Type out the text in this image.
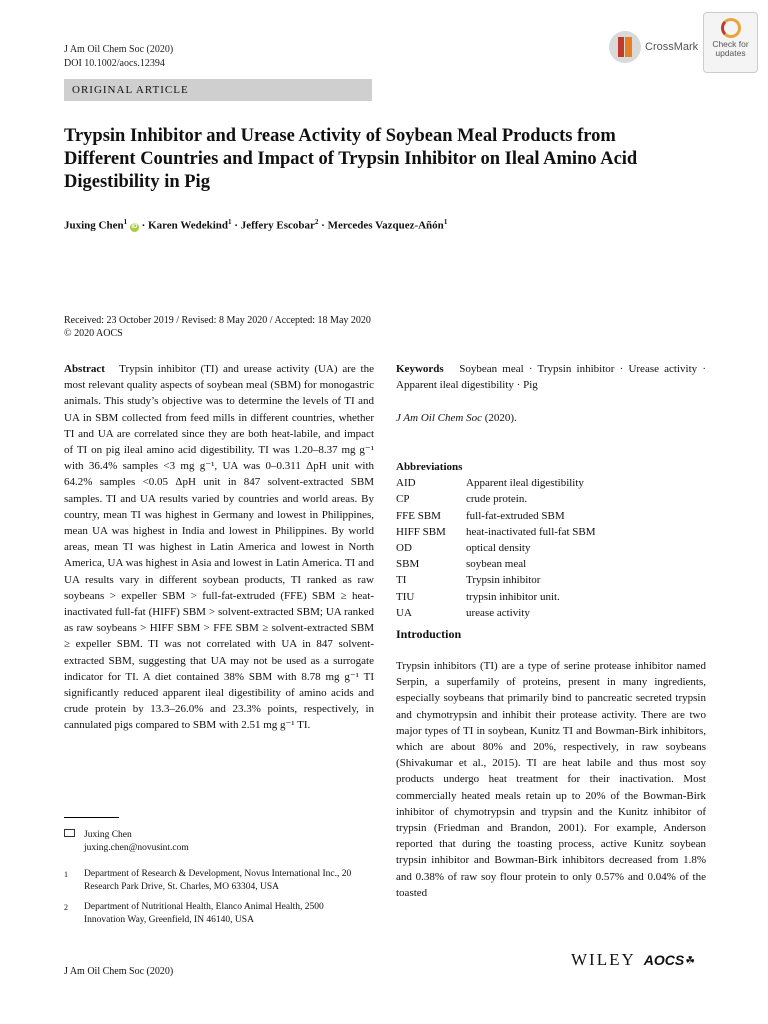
J Am Oil Chem Soc (2020)
DOI 10.1002/aocs.12394
CrossMark	Check for
updates
ORIGINAL ARTICLE
Trypsin Inhibitor and Urease Activity of Soybean Meal Products from Different Countries and Impact of Trypsin Inhibitor on Ileal Amino Acid Digestibility in Pig
Juxing Chen$^1$ iD · Karen Wedekind$^1$ · Jeffery Escobar$^2$ · Mercedes Vazquez-Añón$^1$
Received: 23 October 2019 / Revised: 8 May 2020 / Accepted: 18 May 2020
© 2020 AOCS
Abstract Trypsin inhibitor (TI) and urease activity (UA) are the most relevant quality aspects of soybean meal (SBM) for monogastric animals. This study’s objective was to determine the levels of TI and UA in SBM collected from feed mills in different countries, whether TI and UA are correlated since they are both heat-labile, and impact of TI on pig ileal amino acid digestibility. TI was 1.20–8.37 mg g⁻¹ with 36.4% samples <3 mg g⁻¹, UA was 0–0.311 ΔpH unit with 64.2% samples <0.05 ΔpH unit in 847 solvent-extracted SBM samples. TI and UA results varied by countries and world areas. By country, mean TI was highest in Germany and lowest in Philippines, mean UA was highest in India and lowest in Philippines. By world areas, mean TI was highest in Latin America and lowest in North America, UA was highest in Asia and lowest in Latin America. TI and UA results vary in different soybean products, TI ranked as raw soybeans > expeller SBM > full-fat-extruded (FFE) SBM ≥ heat-inactivated full-fat (HIFF) SBM > solvent-extracted SBM; UA ranked as raw soybeans > HIFF SBM > FFE SBM ≥ solvent-extracted SBM ≥ expeller SBM. TI was not correlated with UA in 847 solvent-extracted SBM, suggesting that UA may not be used as a surrogate indicator for TI. A diet contained 38% SBM with 8.78 mg g⁻¹ TI significantly reduced apparent ileal digestibility of amino acids and crude protein by 13.3–26.0% and 23.3% points, respectively, in cannulated pigs compared to SBM with 2.51 mg g⁻¹ TI.
Juxing Chen
juxing.chen@novusint.com
1	Department of Research & Development, Novus International Inc., 20 Research Park Drive, St. Charles, MO 63304, USA
2	Department of Nutritional Health, Elanco Animal Health, 2500 Innovation Way, Greenfield, IN 46140, USA
Keywords Soybean meal · Trypsin inhibitor · Urease activity · Apparent ileal digestibility · Pig
J Am Oil Chem Soc (2020).
Abbreviations
AID	Apparent ileal digestibility
CP	crude protein.
FFE SBM	full-fat-extruded SBM
HIFF SBM	heat-inactivated full-fat SBM
OD	optical density
SBM	soybean meal
TI	Trypsin inhibitor
TIU	trypsin inhibitor unit.
UA	urease activity
Introduction
Trypsin inhibitors (TI) are a type of serine protease inhibitor named Serpin, a superfamily of proteins, present in many ingredients, especially soybeans that primarily bind to pancreatic secreted trypsin and chymotrypsin and inhibit their protease activity. There are two major types of TI in soybean, Kunitz TI and Bowman-Birk inhibitors, which are about 80% and 20%, respectively, in raw soybeans (Shivakumar et al., 2015). TI are heat labile and thus most soy products undergo heat treatment for their inactivation. Most commercially heated meals retain up to 20% of the Bowman-Birk inhibitor of chymotrypsin and trypsin and the Kunitz inhibitor of trypsin (Friedman and Brandon, 2001). For example, Anderson reported that during the toasting process, active Kunitz soybean trypsin inhibitor and Bowman-Birk inhibitors decreased from 1.8% and 0.38% of raw soy flour protein to only 0.57% and 0.04% of the toasted
J Am Oil Chem Soc (2020)
WILEY AOCS ☘
